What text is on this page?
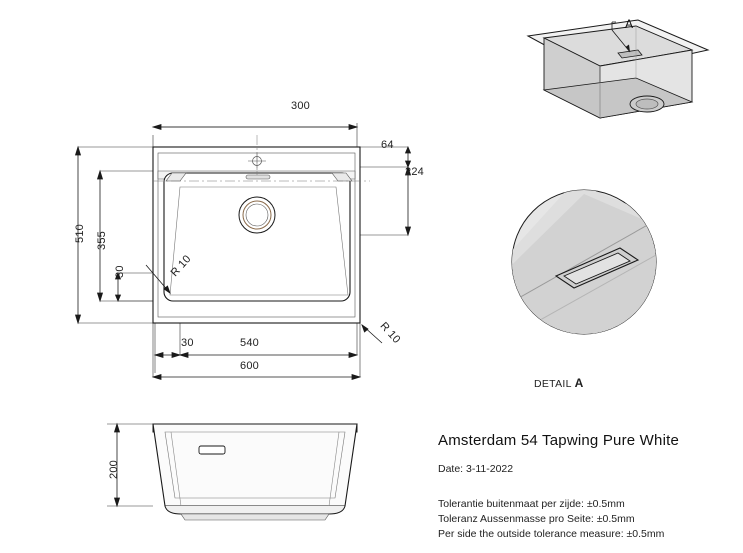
A
DETAIL A
300
64
224
510 355
30	R 10
R 10
30	540
600
200
Amsterdam 54 Tapwing Pure White
Date: 3-11-2022
Tolerantie buitenmaat per zijde: ±0.5mm
Toleranz Aussenmasse pro Seite: ±0.5mm
Per side the outside tolerance measure: ±0.5mm
